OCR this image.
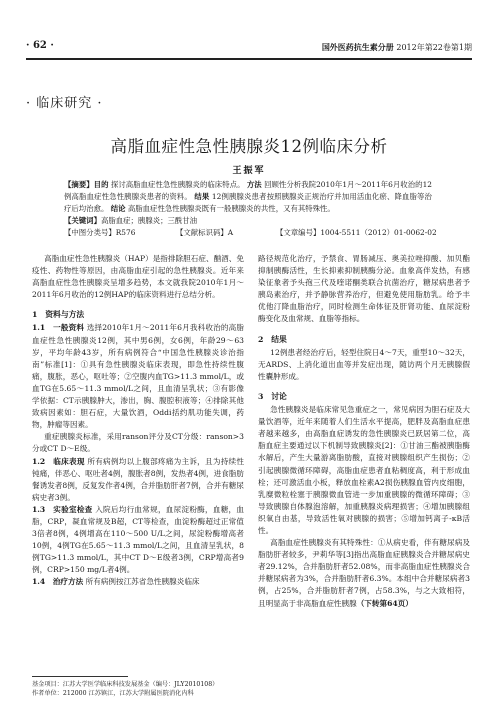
· 62 ·	国外医药抗生素分册 2012年第22卷第1期
· 临床研究 ·
高脂血症性急性胰腺炎12例临床分析
王振军
【摘要】目的 探讨高脂血症性急性胰腺炎的临床特点。 方法 回顾性分析我院2010年1月～2011年6月收治的12例高脂血症性急性胰腺炎患者的资料。 结果 12例胰腺炎患者按照胰腺炎正规治疗并加用活血化瘀、降血脂等治疗后均治愈。 结论 高脂血症性急性胰腺炎既有一般胰腺炎的共性，又有其特殊性。
【关键词】高脂血症；胰腺炎；三酰甘油
【中图分类号】R576	【文献标识码】A	【文章编号】1004-5511（2012）01-0062-02

高脂血症性急性胰腺炎（HAP）是指排除胆石症、酗酒、免疫性、药物性等原因，由高脂血症引起的急性胰腺炎。近年来高脂血症性急性胰腺炎呈增多趋势，本文就我院2010年1月～2011年6月收治的12例HAP的临床资料进行总结分析。

1　资料与方法

1.1　一般资料 选择2010年1月～2011年6月我科收治的高脂血症性急性胰腺炎12例，其中男6例，女6例，年龄29～63岁，平均年龄43岁，所有病例符合“中国急性胰腺炎诊治指南”标准[1]：①具有急性胰腺炎临床表现，即急性持续性腹痛，腹胀，恶心，呕吐等；②空腹内血TG>11.3 mmol/L，或血TG在5.65～11.3 mmol/L之间，且血清呈乳状；③有影像学依据：CT示胰腺肿大，渗出，胸、腹腔积液等；④排除其他致病因素如：胆石症，大量饮酒，Oddi括约肌功能失调，药物，肿瘤等因素。

重症胰腺炎标准，采用ranson评分及CT分级：ranson>3分或CT D～E级。

1.2　临床表现 所有病例均以上腹部疼痛为主诉，且为持续性钝痛，伴恶心、呕吐者4例，腹胀者8例，发热者4例，进食脂肪餐诱发者8例，反复发作者4例，合并脂肪肝者7例，合并有糖尿病史者3例。

1.3　实验室检查 入院后均行血常规，血尿淀粉酶，血糖，血脂，CRP，凝血常规及B超，CT等检查，血淀粉酶超过正常值3倍者8例，4例增高在110～500 U/L之间，尿淀粉酶增高者10例，4例TG在5.65～11.3 mmol/L之间，且血清呈乳状，8例TG>11.3 mmol/L，其中CT D～E级者3例，CRP增高者9例，CRP>150 mg/L者4例。

1.4　治疗方法 所有病例按江苏省急性胰腺炎临床

路径规范化治疗，予禁食、胃肠减压、奥美拉唑抑酸、加贝酯抑制胰酶活性，生长抑素抑制胰酶分泌。血象高伴发热，有感染征象者予头孢三代及喹诺酮类联合抗菌治疗，糖尿病患者予胰岛素治疗，并予静脉营养治疗，但避免使用脂肪乳。给予丰优他汀降血脂治疗，同时检测生命体征及肝肾功能、血尿淀粉酶变化及血常规、血脂等指标。

2　结果

12例患者经治疗后，轻型住院日4～7天，重型10～32天，无ARDS、上消化道出血等并发症出现，随访两个月无胰腺假性囊肿形成。

3　讨论

急性胰腺炎是临床常见急重症之一，常见病因为胆石症及大量饮酒等，近年来随着人们生活水平提高，肥胖及高脂血症患者越来越多，由高脂血症诱发的急性胰腺炎已跃居第二位，高脂血症主要通过以下机制导致胰腺炎[2]：①甘油三酯被胰脂酶水解后，产生大量游离脂肪酸，直接对胰腺组织产生损伤；②引起胰腺微循环障碍，高脂血症患者血粘稠度高，利于形成血栓；还可激活血小板，释放血栓素A2损伤胰腺血管内皮细胞，乳糜微粒栓塞于胰腺微血管进一步加重胰腺的微循环障碍；③导致胰腺自体腺泡溶解，加重胰腺炎病理损害；④增加胰腺组织氧自由基，导致活性氧对胰腺的损害；⑤增加钙离子-κB活性。

高脂血症性胰腺炎有其特殊性：①从病史看，伴有糖尿病及脂肪肝者较多，尹莉华等[3]指出高脂血症胰腺炎合并糖尿病史者29.12%，合并脂肪肝者52.08%，而非高脂血症性胰腺炎合并糖尿病者为3%，合并脂肪肝者6.3%。本组中合并糖尿病者3例，占25%，合并脂肪肝者7例，占58.3%，与之大致相符，且明显高于非高脂血症性胰腺（下转第64页）

基金项目：江苏大学医学临床科技发展基金（编号：JLY2010108）
作者单位：212000 江苏镇江，江苏大学附属医院消化内科
